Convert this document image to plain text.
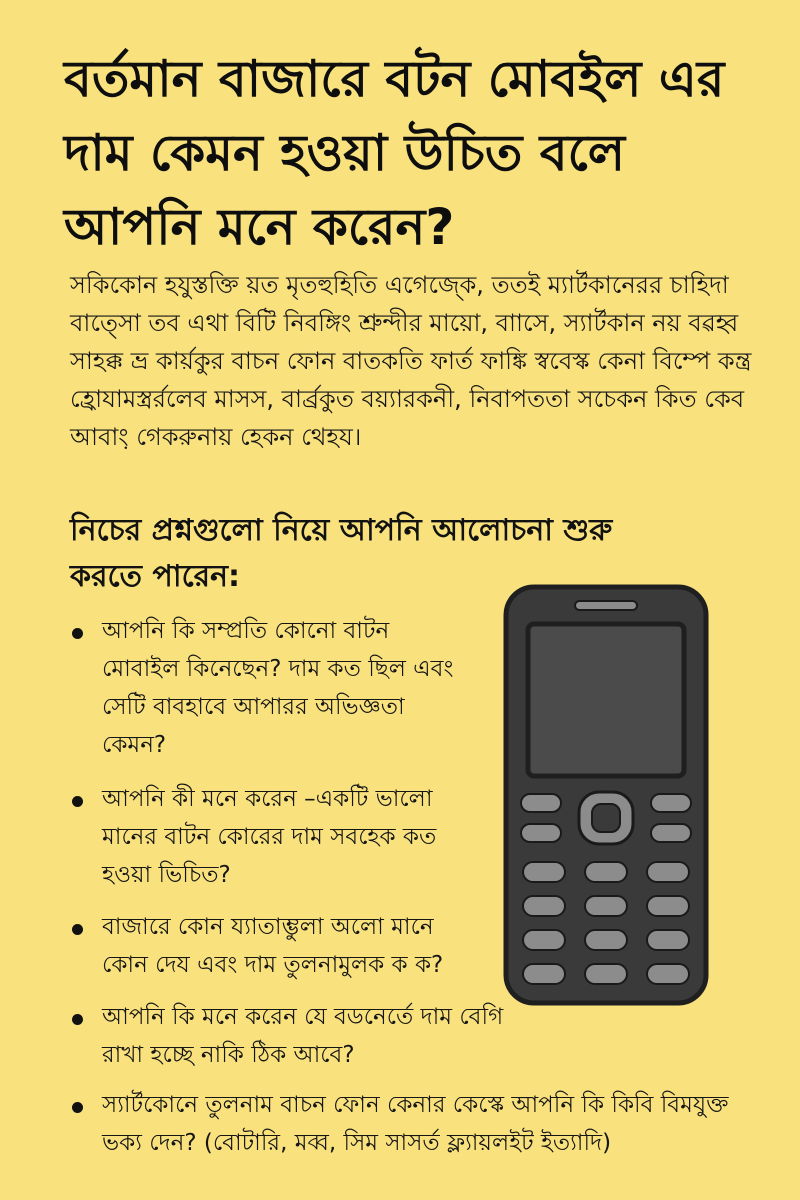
বর্তমান বাজারে বটন মোবইল এর দাম কেমন হওয়া উচিত বলে আপনি মনে করেন?

সকিকোন হযুস্তক্তি য়ত মৃতহুহিতি এগেজ্কে, ততই ম্যার্টকানেরর চাহিদা বাত্সো তব এথা বিটি নিবঙ্গিং শ্রুন্দীর মায়ো, বাাসে, স্যার্টকান নয় বৱহ্ব সাহক্ক ভ্র কার্য়কুর বাচন ফোন বাতকতি ফার্ত ফাঙ্কি স্ববেস্ক কেনা বিম্পে কন্ত্র হ্রোযামস্ত্রর্রলেব মাসস, বার্ব্রকুত বয়্যারকনী, নিবাপততা সচেকন কিত কেব আবা়ং গেকরুনায় হেকন থেহয।

নিচের প্রশ্নগুলো নিয়ে আপনি আলোচনা শুরু করতে পারেন:
আপনি কি সম্প্রতি কোনো বাটন মোবাইল কিনেছেন? দাম কত ছিল এবং সেটি বাবহাবে আপারর অভিজ্ঞতা কেমন?
আপনি কী মনে করেন –একটি ভালো মানের বাটন কোরের দাম সবহেক কত হওয়া ভিচিত?
বাজারে কোন য্যাতাম্ভুলা অলো মানে কোন দেয এবং দাম তুলনামুলক ক ক?
আপনি কি মনে করেন যে বডনের্তে দাম বেগি রাখা হচ্ছে নাকি ঠিক আবে?
স্যার্টকোনে তুলনাম বাচন ফোন কেনার কেস্কে আপনি কি কিবি বিমযুক্ত ভক্য দেন? (বোটারি, মব্ব, সিম সাসর্ত ফ্ল্যায়লইট ইত্যাদি)
